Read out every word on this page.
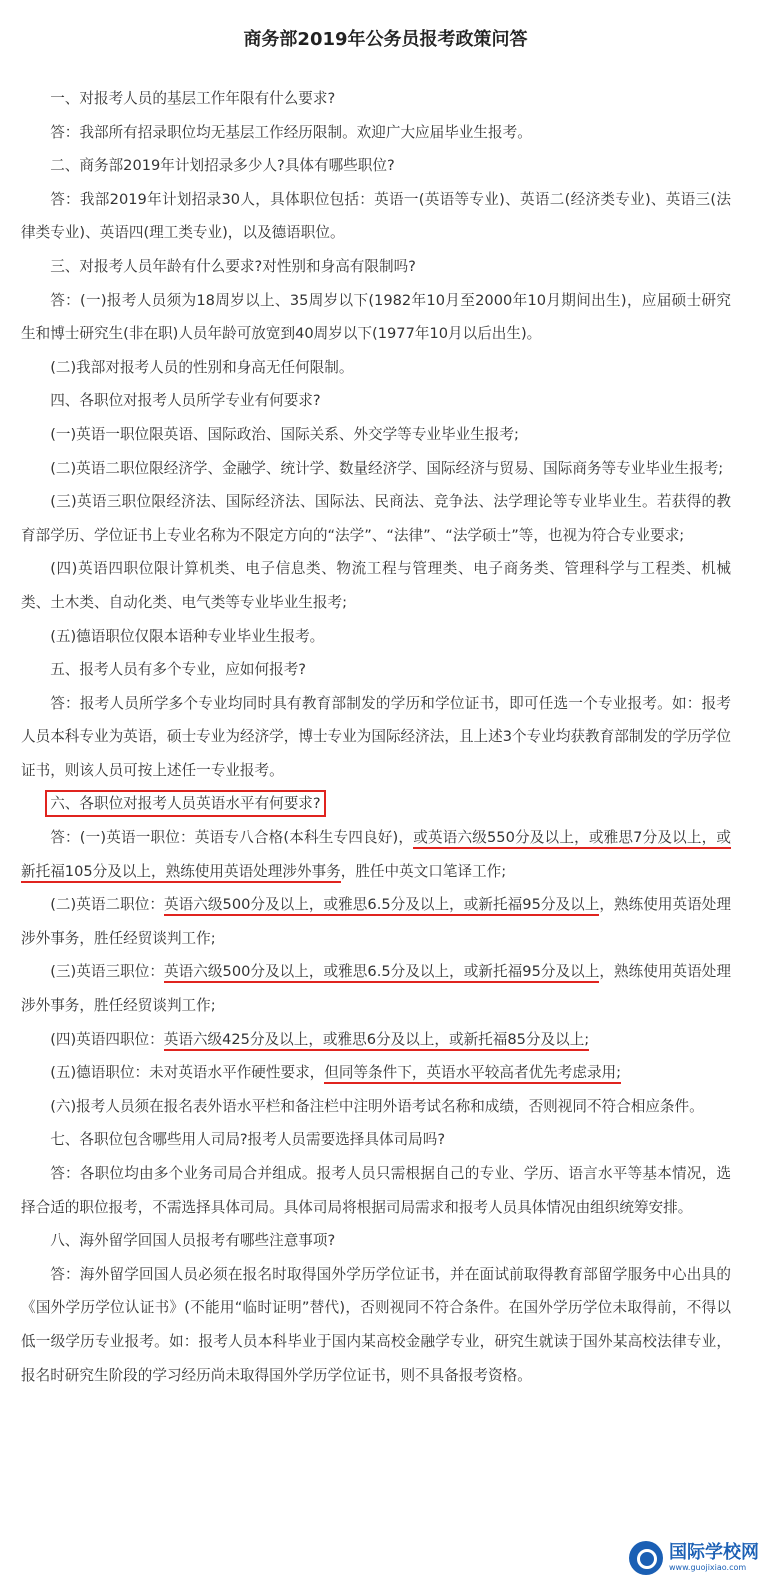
商务部2019年公务员报考政策问答

一、对报考人员的基层工作年限有什么要求?

答：我部所有招录职位均无基层工作经历限制。欢迎广大应届毕业生报考。

二、商务部2019年计划招录多少人?具体有哪些职位?

答：我部2019年计划招录30人，具体职位包括：英语一(英语等专业)、英语二(经济类专业)、英语三(法律类专业)、英语四(理工类专业)，以及德语职位。

三、对报考人员年龄有什么要求?对性别和身高有限制吗?

答：(一)报考人员须为18周岁以上、35周岁以下(1982年10月至2000年10月期间出生)，应届硕士研究生和博士研究生(非在职)人员年龄可放宽到40周岁以下(1977年10月以后出生)。

(二)我部对报考人员的性别和身高无任何限制。

四、各职位对报考人员所学专业有何要求?

(一)英语一职位限英语、国际政治、国际关系、外交学等专业毕业生报考;

(二)英语二职位限经济学、金融学、统计学、数量经济学、国际经济与贸易、国际商务等专业毕业生报考;

(三)英语三职位限经济法、国际经济法、国际法、民商法、竞争法、法学理论等专业毕业生。若获得的教育部学历、学位证书上专业名称为不限定方向的“法学”、“法律”、“法学硕士”等，也视为符合专业要求;

(四)英语四职位限计算机类、电子信息类、物流工程与管理类、电子商务类、管理科学与工程类、机械类、土木类、自动化类、电气类等专业毕业生报考;

(五)德语职位仅限本语种专业毕业生报考。

五、报考人员有多个专业，应如何报考?

答：报考人员所学多个专业均同时具有教育部制发的学历和学位证书，即可任选一个专业报考。如：报考人员本科专业为英语，硕士专业为经济学，博士专业为国际经济法，且上述3个专业均获教育部制发的学历学位证书，则该人员可按上述任一专业报考。

六、各职位对报考人员英语水平有何要求?

答：(一)英语一职位：英语专八合格(本科生专四良好)，或英语六级550分及以上，或雅思7分及以上，或新托福105分及以上，熟练使用英语处理涉外事务，胜任中英文口笔译工作;

(二)英语二职位：英语六级500分及以上，或雅思6.5分及以上，或新托福95分及以上，熟练使用英语处理涉外事务，胜任经贸谈判工作;

(三)英语三职位：英语六级500分及以上，或雅思6.5分及以上，或新托福95分及以上，熟练使用英语处理涉外事务，胜任经贸谈判工作;

(四)英语四职位：英语六级425分及以上，或雅思6分及以上，或新托福85分及以上;

(五)德语职位：未对英语水平作硬性要求，但同等条件下，英语水平较高者优先考虑录用;

(六)报考人员须在报名表外语水平栏和备注栏中注明外语考试名称和成绩，否则视同不符合相应条件。

七、各职位包含哪些用人司局?报考人员需要选择具体司局吗?

答：各职位均由多个业务司局合并组成。报考人员只需根据自己的专业、学历、语言水平等基本情况，选择合适的职位报考，不需选择具体司局。具体司局将根据司局需求和报考人员具体情况由组织统筹安排。

八、海外留学回国人员报考有哪些注意事项?

答：海外留学回国人员必须在报名时取得国外学历学位证书，并在面试前取得教育部留学服务中心出具的《国外学历学位认证书》(不能用“临时证明”替代)，否则视同不符合条件。在国外学历学位未取得前，不得以低一级学历专业报考。如：报考人员本科毕业于国内某高校金融学专业，研究生就读于国外某高校法律专业，报名时研究生阶段的学习经历尚未取得国外学历学位证书，则不具备报考资格。

国际学校网
www.guojixiao.com
